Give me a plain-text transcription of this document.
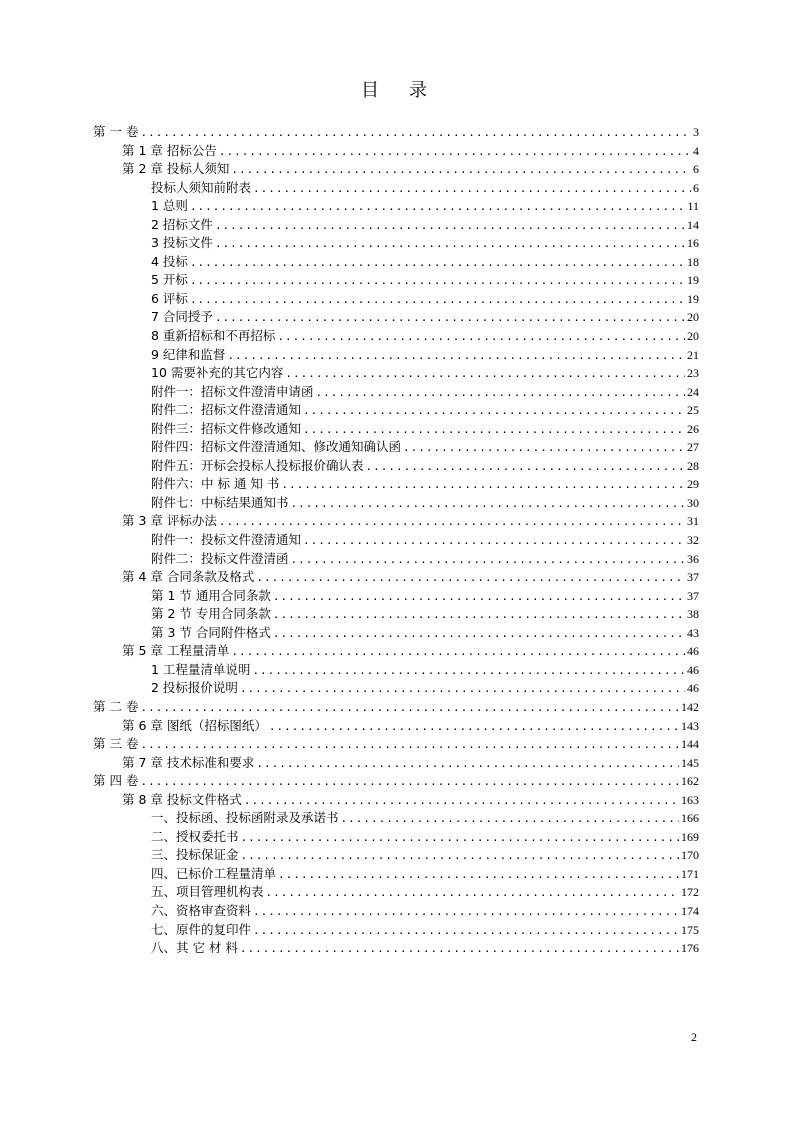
目　录
第 一 卷 .....	3
第 1 章 招标公告 .....	4
第 2 章 投标人须知 .....	6
投标人须知前附表 .....	6
1 总则 .....	11
2 招标文件 .....	14
3 投标文件 .....	16
4 投标 .....	18
5 开标 .....	19
6 评标 .....	19
7 合同授予 .....	20
8 重新招标和不再招标 .....	20
9 纪律和监督 .....	21
10 需要补充的其它内容 .....	23
附件一：招标文件澄清申请函 .....	24
附件二：招标文件澄清通知 .....	25
附件三：招标文件修改通知 .....	26
附件四：招标文件澄清通知、修改通知确认函 .....	27
附件五：开标会投标人投标报价确认表 .....	28
附件六：中 标 通 知 书 .....	29
附件七：中标结果通知书 .....	30
第 3 章 评标办法 .....	31
附件一：投标文件澄清通知 .....	32
附件二：投标文件澄清函 .....	36
第 4 章 合同条款及格式 .....	37
第 1 节 通用合同条款 .....	37
第 2 节 专用合同条款 .....	38
第 3 节 合同附件格式 .....	43
第 5 章 工程量清单 .....	46
1 工程量清单说明 .....	46
2 投标报价说明 .....	46
第 二 卷 .....	142
第 6 章 图纸（招标图纸） .....	143
第 三 卷 .....	144
第 7 章 技术标准和要求 .....	145
第 四 卷 .....	162
第 8 章 投标文件格式 .....	163
一、投标函、投标函附录及承诺书 .....	166
二、授权委托书 .....	169
三、投标保证金 .....	170
四、已标价工程量清单 .....	171
五、项目管理机构表 .....	172
六、资格审查资料 .....	174
七、原件的复印件 .....	175
八、其 它 材 料 .....	176
2
